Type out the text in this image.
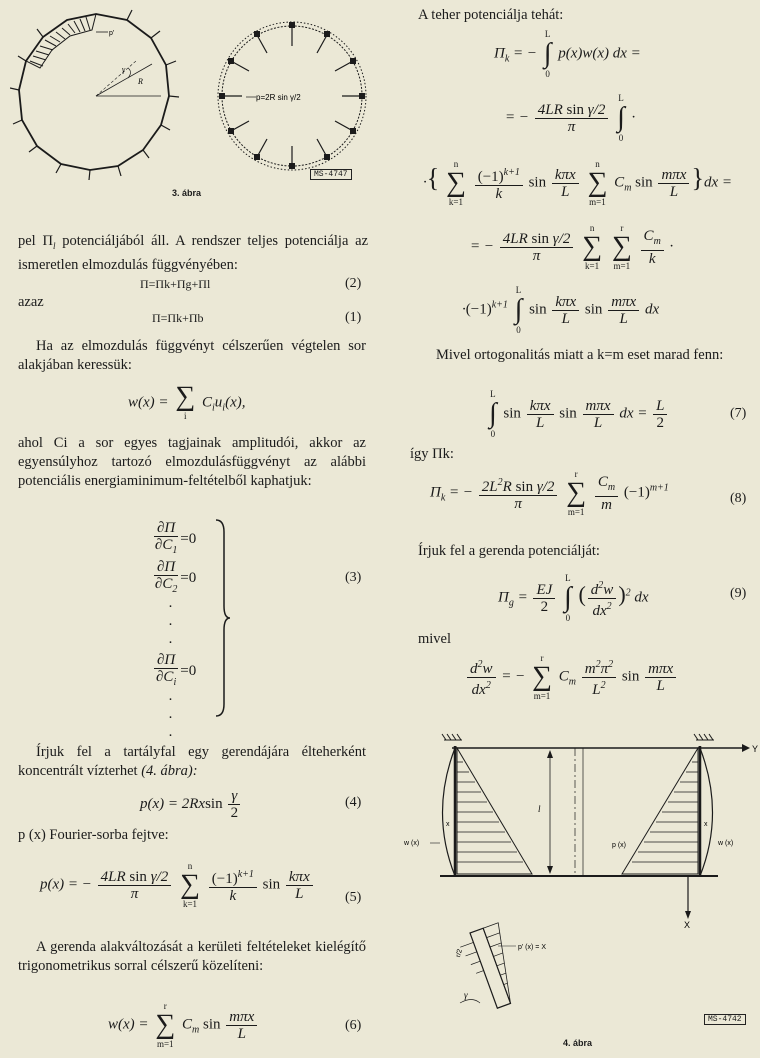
p'
γ
R
p=2R sin γ/2
MS-4747
3. ábra

pel $\Pi_l$ potenciáljából áll. A rendszer teljes potenciálja az ismeretlen elmozdulás függvényében:

Π=Πk+Πg+Πl	(2)
azaz
Π=Πk+Πb	(1)
Ha az elmozdulás függvényt célszerűen végtelen sor alakjában keressük:
w(x) = ∑
i
$C_iu_i(x)$,
ahol Ci a sor egyes tagjainak amplitudói, akkor az egyensúlyhoz tartozó elmozdulásfüggvényt az alábbi potenciális energiaminimum-feltételből kaphatjuk:
$\frac{\partial\Pi}{\partial C_1} =0$
$\frac{\partial\Pi}{\partial C_2} =0$
·
·
·
$\frac{\partial\Pi}{\partial C_i} =0$
·
·
·
(3)
Írjuk fel a tartályfal egy gerendájára élteherként koncentrált vízterhet (4. ábra):
$p(x) = 2Rxsin \frac{\gamma}{2}$	(4)
p (x) Fourier-sorba fejtve:
p(x) = − $\frac{\text{4LR sin γ/2}}{\pi}$

n
∑
k=1

$\frac{(-1)^{k+1}}{k}$ $\sin \frac{\text{kπx}}{L} (5)$
A gerenda alakváltozását a kerületi feltételeket kielégítő trigonometrikus sorral célszerű közelíteni:
w(x) =
r
∑
m=1
$C_m$ $\sin \frac{\text{mπx}}{L}$	(6)
A teher potenciálja tehát:
$\Pi_k$ = −
L
∫
0
p(x)w(x) dx =
= − $\frac{\text{4LR sin γ/2}}{\pi}$

L
∫
0
·
·{	n
∑
k=1

$\frac{(-1)^{k+1}}{k}$ $\sin \frac{\text{kπx}}{L}$

n
∑
m=1
$C_m$ $\sin \frac{\text{mπx}}{L} \}dx$ =
= − $\frac{\text{4LR sin γ/2}}{\pi}$

n
∑
k=1

r
∑
m=1
$\frac{C_m}{k}$ ·
$\cdot(-1)^{k+1}$
L
∫
0
$\sin \frac{\text{kπx}}{L}$ $\sin \frac{\text{mπx}}{L}$ dx
Mivel ortogonalitás miatt a k=m eset marad fenn:
L
∫
0
$\sin \frac{\text{kπx}}{L}$ $\sin \frac{\text{mπx}}{L}$ dx = $\frac{L}{2}$	(7)
így Πk:
$\Pi_k$ = − $\frac{2L^2R \sin \gamma/2}{\pi}$

r
∑
m=1
$\frac{C_m}{m} (-1)^{m+1}$
(8)
Írjuk fel a gerenda potenciálját:
$\Pi_g = \frac{EJ}{2}$

L
∫
0
( $\frac{d^2w}{dx^2} )^2$ dx	(9)
mivel
$\frac{d^2w}{dx^2}$ = −
r
∑
m=1
$C_m \frac{m^2\pi^2}{L^2}$ $\sin \frac{\text{mπx}}{L}$
Y
l
w (x)	w (x)
p (x)
x	x
X
p' (x) = X
r/2
γ
MS-4742
4. ábra
